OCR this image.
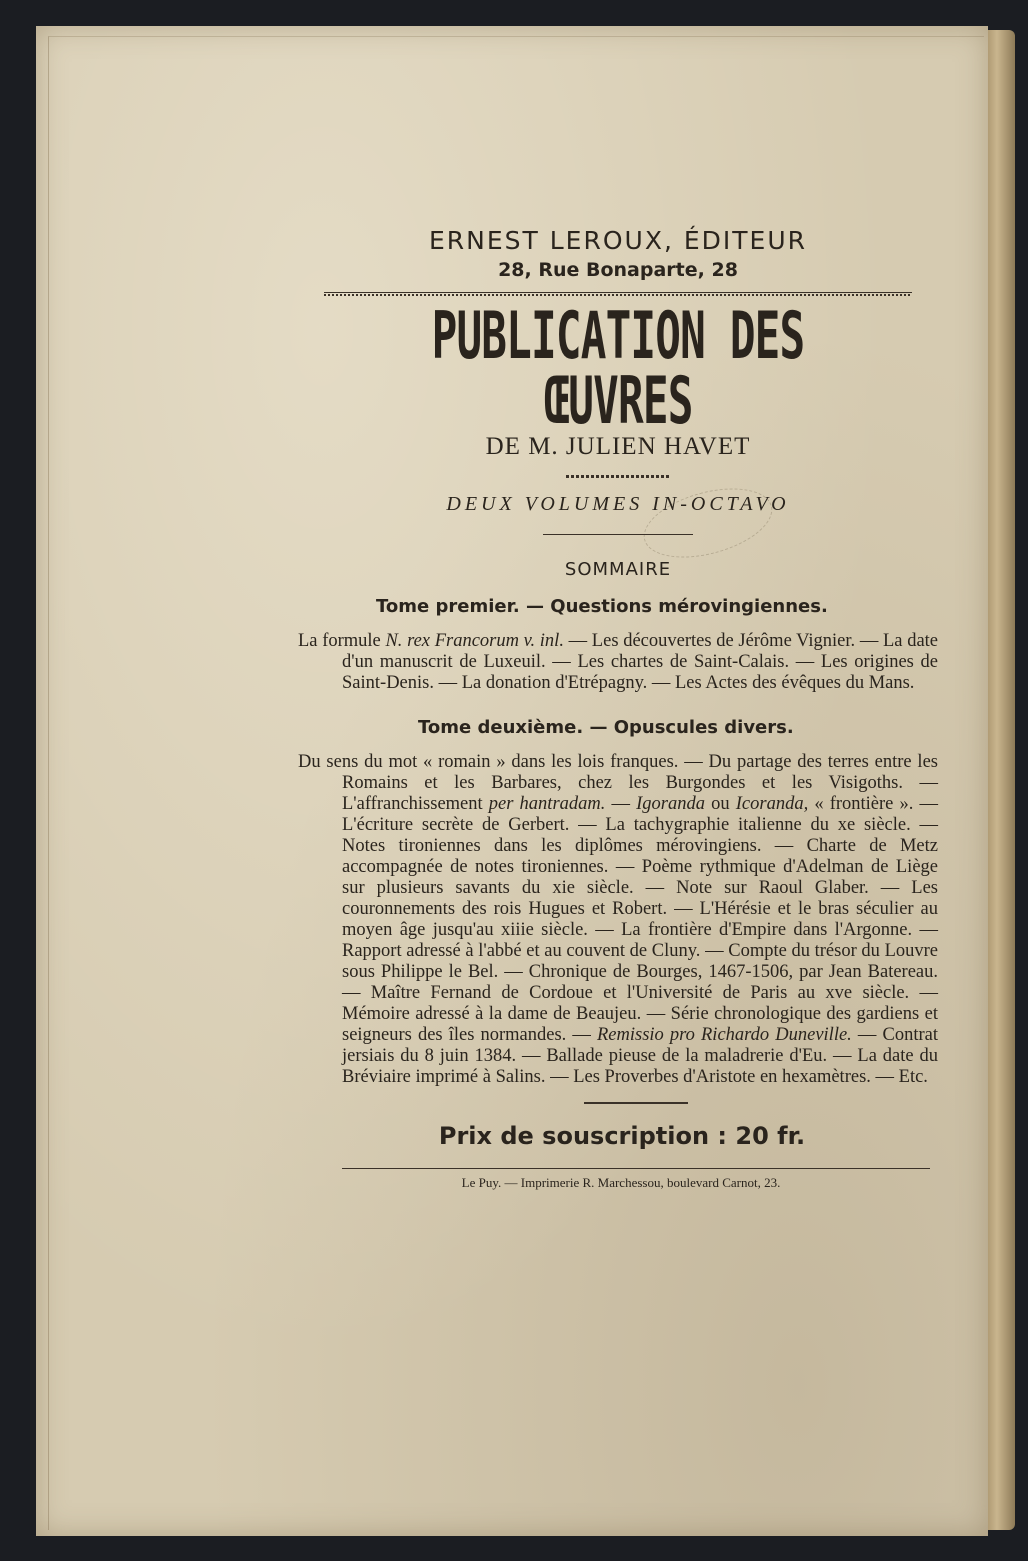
ERNEST LEROUX, ÉDITEUR
28, Rue Bonaparte, 28
PUBLICATION DES ŒUVRES
DE M. JULIEN HAVET
DEUX VOLUMES IN-OCTAVO
SOMMAIRE
Tome premier. — Questions mérovingiennes.
La formule N. rex Francorum v. inl. — Les découvertes de Jérôme Vignier. — La date d'un manuscrit de Luxeuil. — Les chartes de Saint-Calais. — Les origines de Saint-Denis. — La donation d'Etrépagny. — Les Actes des évêques du Mans.
Tome deuxième. — Opuscules divers.
Du sens du mot « romain » dans les lois franques. — Du partage des terres entre les Romains et les Barbares, chez les Burgondes et les Visigoths. — L'affranchissement per hantradam. — Igoranda ou Icoranda, « frontière ». — L'écriture secrète de Gerbert. — La tachygraphie italienne du xe siècle. — Notes tironiennes dans les diplômes mérovingiens. — Charte de Metz accompagnée de notes tironiennes. — Poème rythmique d'Adelman de Liège sur plusieurs savants du xie siècle. — Note sur Raoul Glaber. — Les couronnements des rois Hugues et Robert. — L'Hérésie et le bras séculier au moyen âge jusqu'au xiiie siècle. — La frontière d'Empire dans l'Argonne. — Rapport adressé à l'abbé et au couvent de Cluny. — Compte du trésor du Louvre sous Philippe le Bel. — Chronique de Bourges, 1467-1506, par Jean Batereau. — Maître Fernand de Cordoue et l'Université de Paris au xve siècle. — Mémoire adressé à la dame de Beaujeu. — Série chronologique des gardiens et seigneurs des îles normandes. — Remissio pro Richardo Duneville. — Contrat jersiais du 8 juin 1384. — Ballade pieuse de la maladrerie d'Eu. — La date du Bréviaire imprimé à Salins. — Les Proverbes d'Aristote en hexamètres. — Etc.
Prix de souscription : 20 fr.
Le Puy. — Imprimerie R. Marchessou, boulevard Carnot, 23.
